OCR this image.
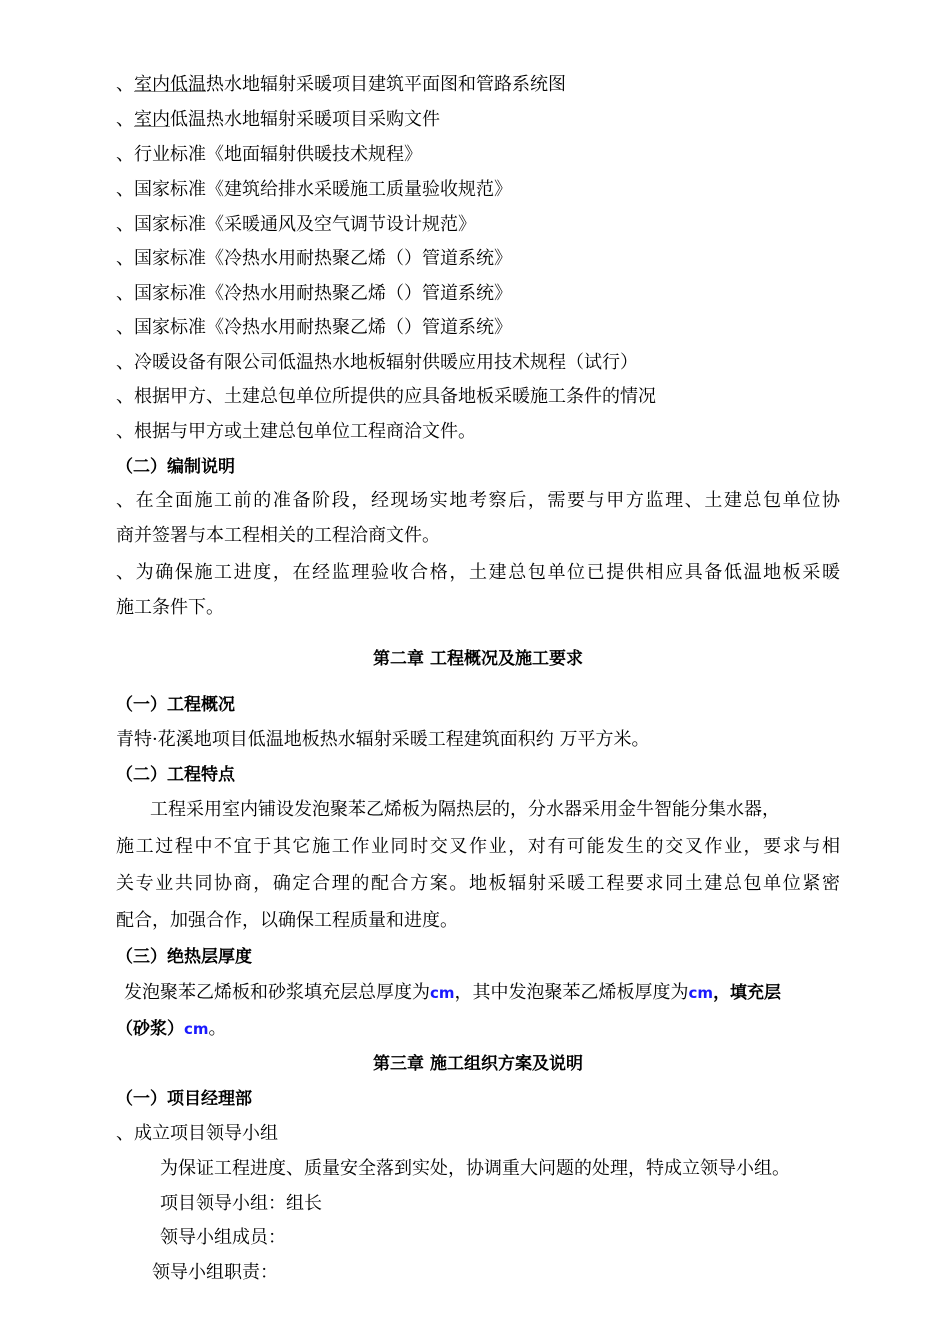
、室内低温热水地辐射采暖项目建筑平面图和管路系统图
、室内低温热水地辐射采暖项目采购文件
、行业标准《地面辐射供暖技术规程》
、国家标准《建筑给排水采暖施工质量验收规范》
、国家标准《采暖通风及空气调节设计规范》
、国家标准《冷热水用耐热聚乙烯（）管道系统》
、国家标准《冷热水用耐热聚乙烯（）管道系统》
、国家标准《冷热水用耐热聚乙烯（）管道系统》
、冷暖设备有限公司低温热水地板辐射供暖应用技术规程（试行）
、根据甲方、土建总包单位所提供的应具备地板采暖施工条件的情况
、根据与甲方或土建总包单位工程商洽文件。
（二）编制说明
、在全面施工前的准备阶段，经现场实地考察后，需要与甲方监理、土建总包单位协
商并签署与本工程相关的工程洽商文件。
、为确保施工进度，在经监理验收合格，土建总包单位已提供相应具备低温地板采暖
施工条件下。
第二章 工程概况及施工要求
（一）工程概况
青特·花溪地项目低温地板热水辐射采暖工程建筑面积约 万平方米。
（二）工程特点
工程采用室内铺设发泡聚苯乙烯板为隔热层的，分水器采用金牛智能分集水器，
施工过程中不宜于其它施工作业同时交叉作业，对有可能发生的交叉作业，要求与相
关专业共同协商，确定合理的配合方案。地板辐射采暖工程要求同土建总包单位紧密
配合，加强合作，以确保工程质量和进度。
（三）绝热层厚度
发泡聚苯乙烯板和砂浆填充层总厚度为cm，其中发泡聚苯乙烯板厚度为cm，填充层
（砂浆）cm。
第三章 施工组织方案及说明
（一）项目经理部
、成立项目领导小组
为保证工程进度、质量安全落到实处，协调重大问题的处理，特成立领导小组。
项目领导小组：组长
领导小组成员：
领导小组职责：
